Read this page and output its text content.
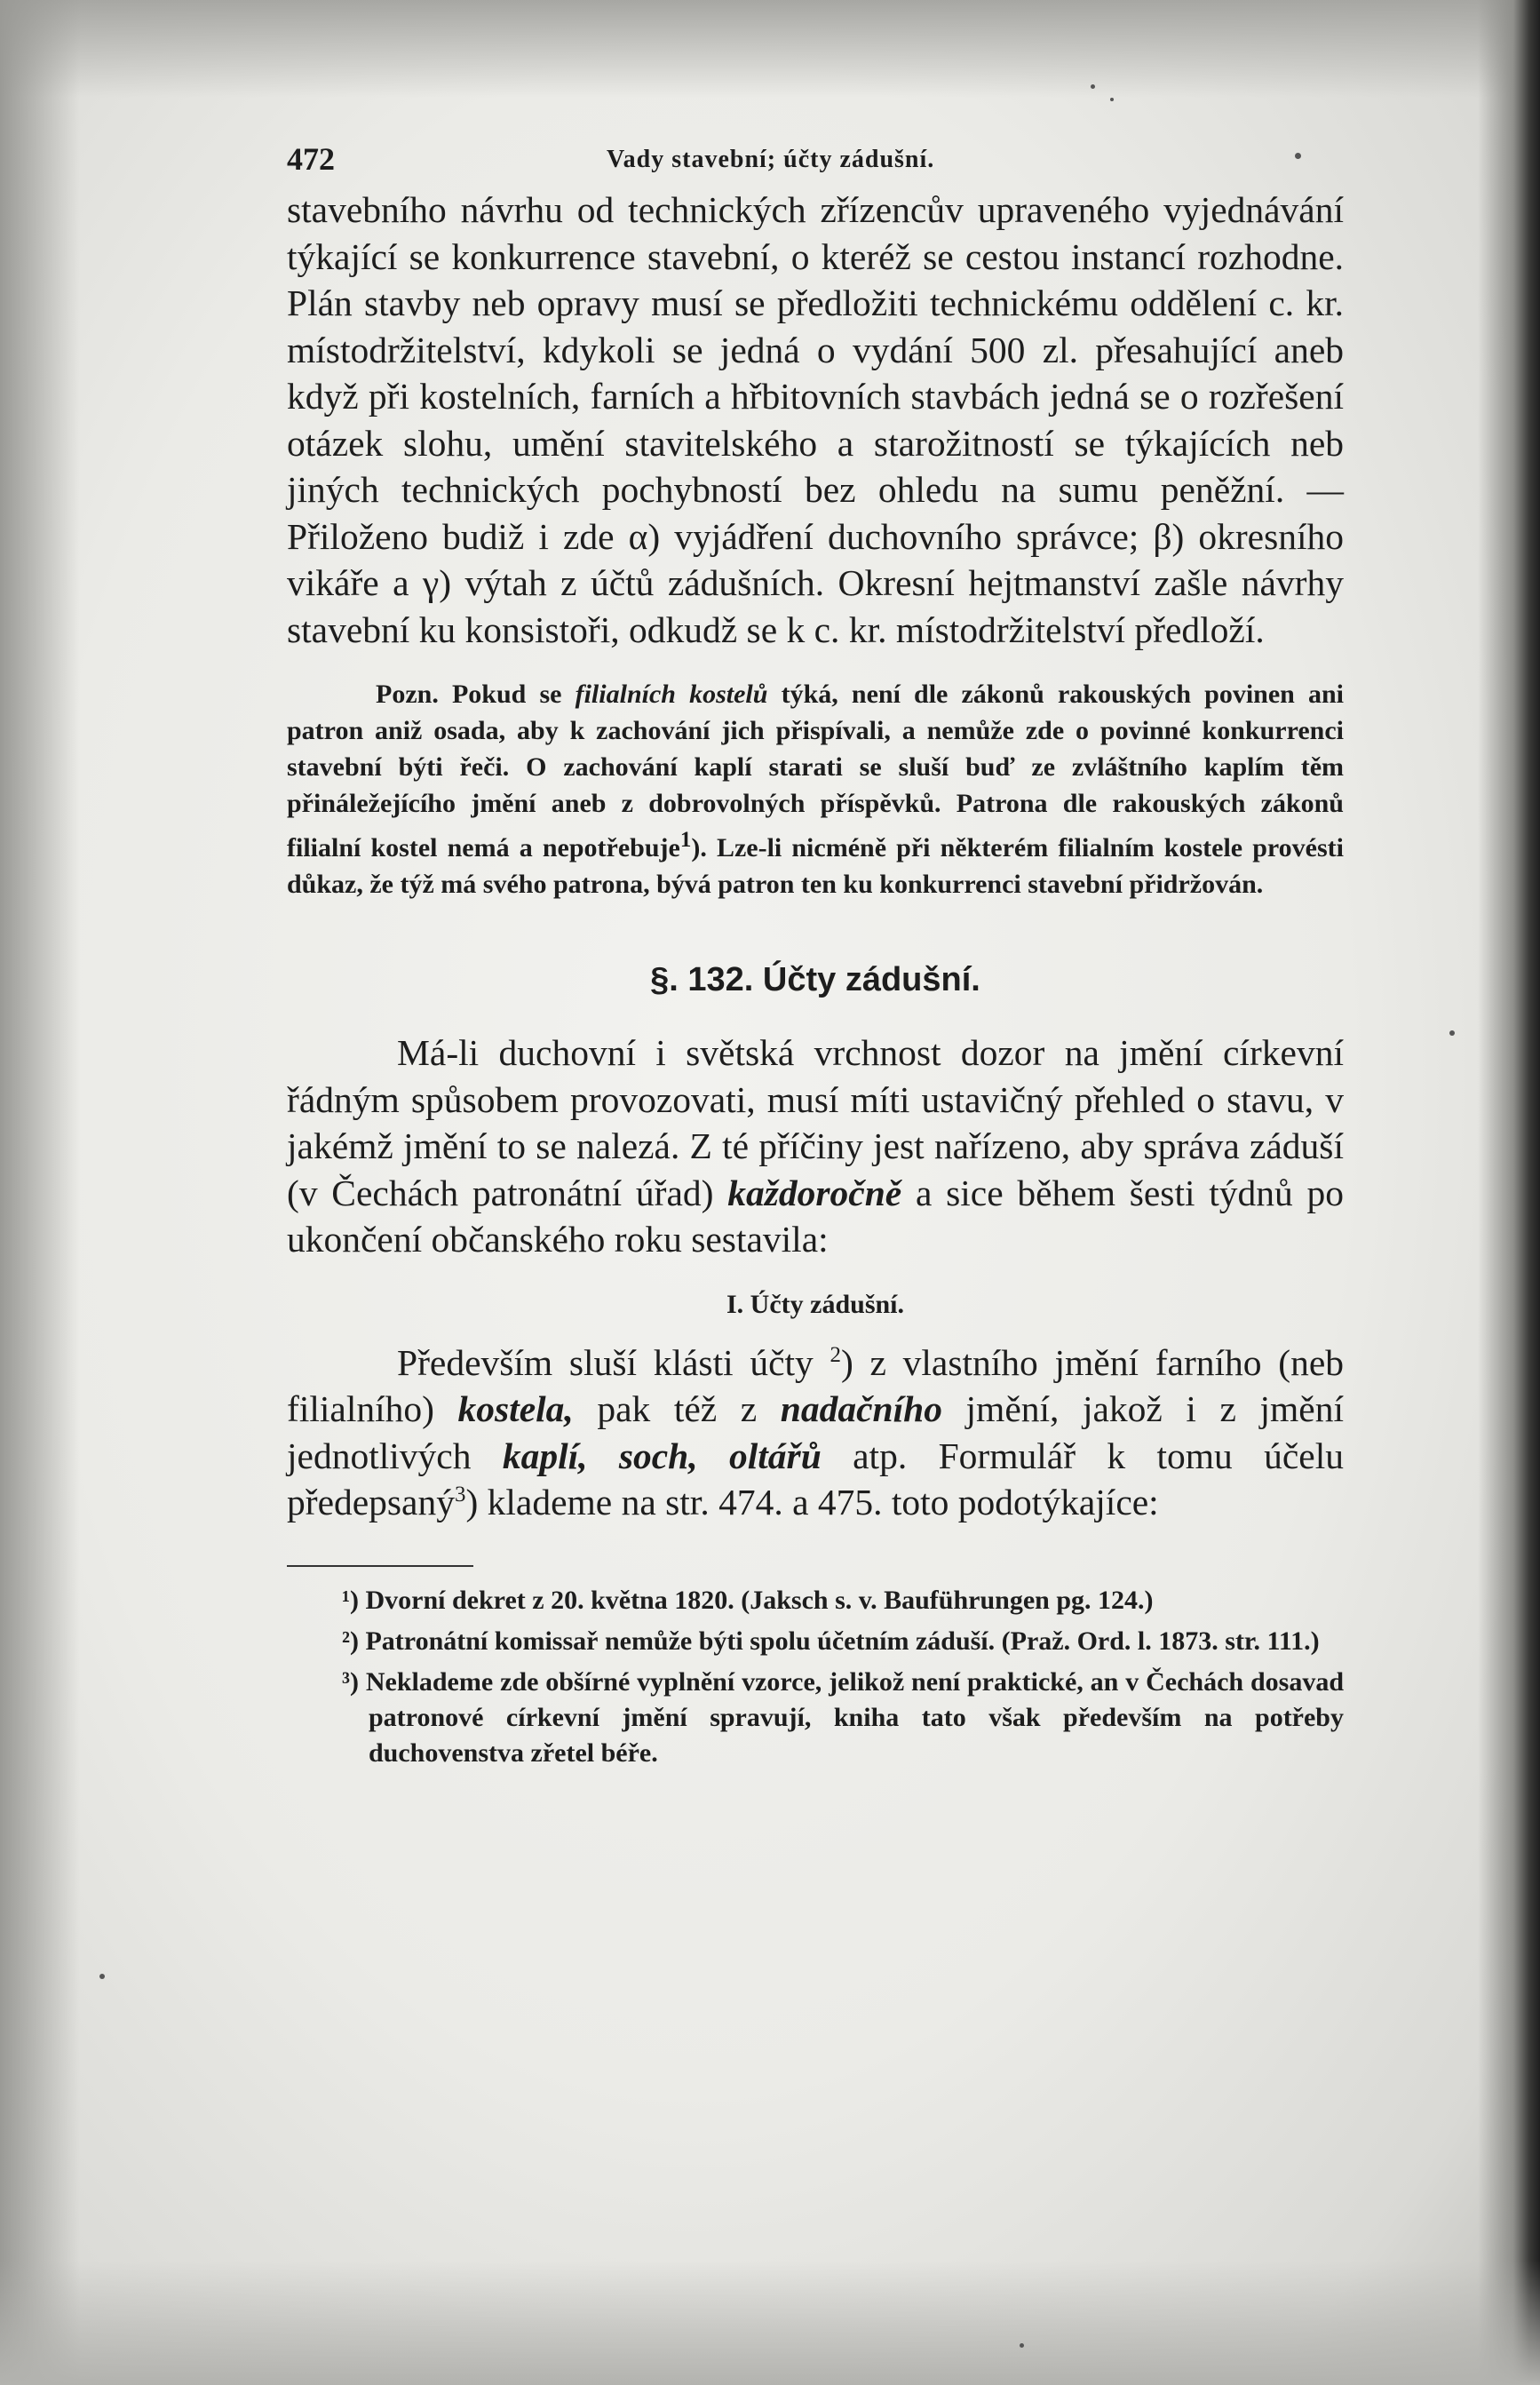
472	Vady stavební; účty zádušní.

stavebního návrhu od technických zřízencův upraveného vyjednávání týkající se konkurrence stavební, o kteréž se cestou instancí rozhodne. Plán stavby neb opravy musí se předložiti technickému oddělení c. kr. místodržitelství, kdykoli se jedná o vydání 500 zl. přesahující aneb když při kostelních, farních a hřbitovních stavbách jedná se o rozřešení otázek slohu, umění stavitelského a starožitností se týkajících neb jiných technických pochybností bez ohledu na sumu peněžní. — Přiloženo budiž i zde α) vyjádření duchovního správce; β) okresního vikáře a γ) výtah z účtů zádušních. Okresní hejtmanství zašle návrhy stavební ku konsistoři, odkudž se k c. kr. místodržitelství předloží.

Pozn. Pokud se filialních kostelů týká, není dle zákonů rakouských povinen ani patron aniž osada, aby k zachování jich přispívali, a nemůže zde o povinné konkurrenci stavební býti řeči. O zachování kaplí starati se sluší buď ze zvláštního kaplím těm přináležejícího jmění aneb z dobrovolných příspěvků. Patrona dle rakouských zákonů filialní kostel nemá a nepotřebuje$^1$). Lze-li nicméně při některém filialním kostele provésti důkaz, že týž má svého patrona, bývá patron ten ku konkurrenci stavební přidržován.

§. 132. Účty zádušní.

Má-li duchovní i světská vrchnost dozor na jmění církevní řádným spůsobem provozovati, musí míti ustavičný přehled o stavu, v jakémž jmění to se nalezá. Z té příčiny jest nařízeno, aby správa záduší (v Čechách patronátní úřad) každoročně a sice během šesti týdnů po ukončení občanského roku sestavila:

I. Účty zádušní.

Především sluší klásti účty $^2$) z vlastního jmění farního (neb filialního) kostela, pak též z nadačního jmění, jakož i z jmění jednotlivých kaplí, soch, oltářů atp. Formulář k tomu účelu předepsaný$^3$) klademe na str. 474. a 475. toto podotýkajíce:

¹) Dvorní dekret z 20. května 1820. (Jaksch s. v. Bauführungen pg. 124.)

²) Patronátní komissař nemůže býti spolu účetním záduší. (Praž. Ord. l. 1873. str. 111.)

³) Neklademe zde obšírné vyplnění vzorce, jelikož není praktické, an v Čechách dosavad patronové církevní jmění spravují, kniha tato však především na potřeby duchovenstva zřetel béře.
